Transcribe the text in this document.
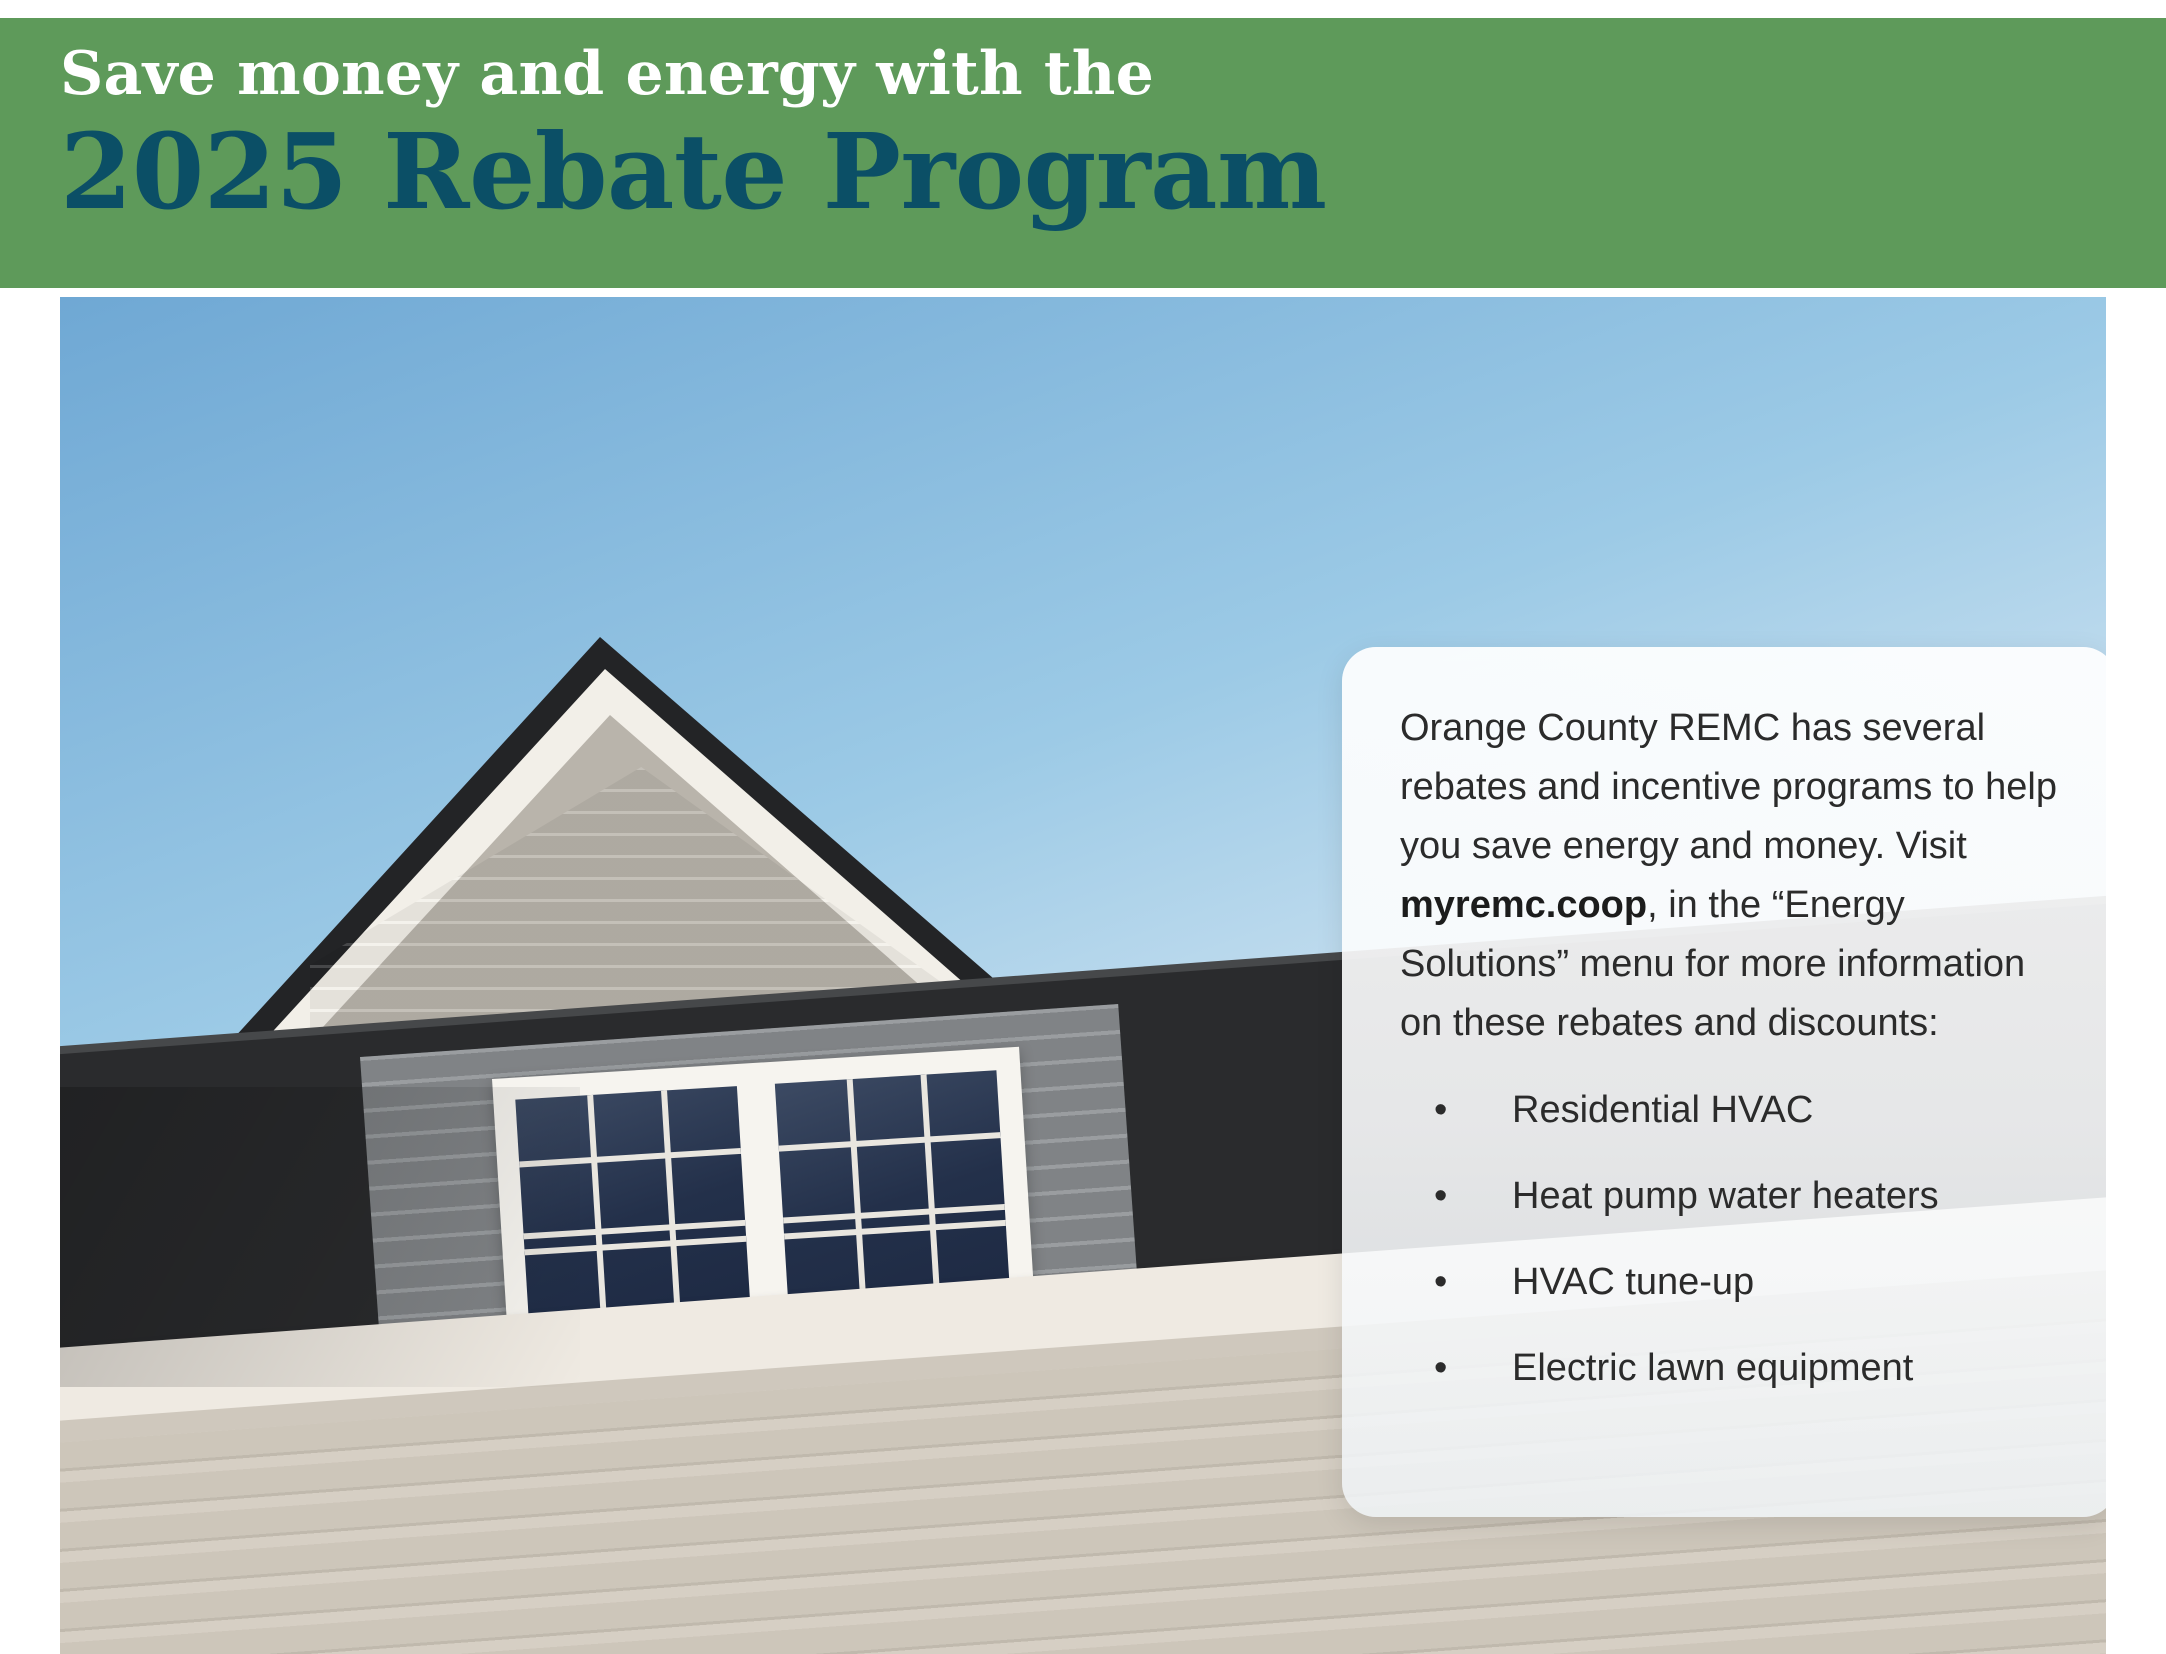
Save money and energy with the
2025 Rebate Program

Orange County REMC has several rebates and incentive programs to help you save energy and money. Visit myremc.coop, in the “Energy Solutions” menu for more information on these rebates and discounts:

• Residential HVAC
• Heat pump water heaters
• HVAC tune-up
• Electric lawn equipment
